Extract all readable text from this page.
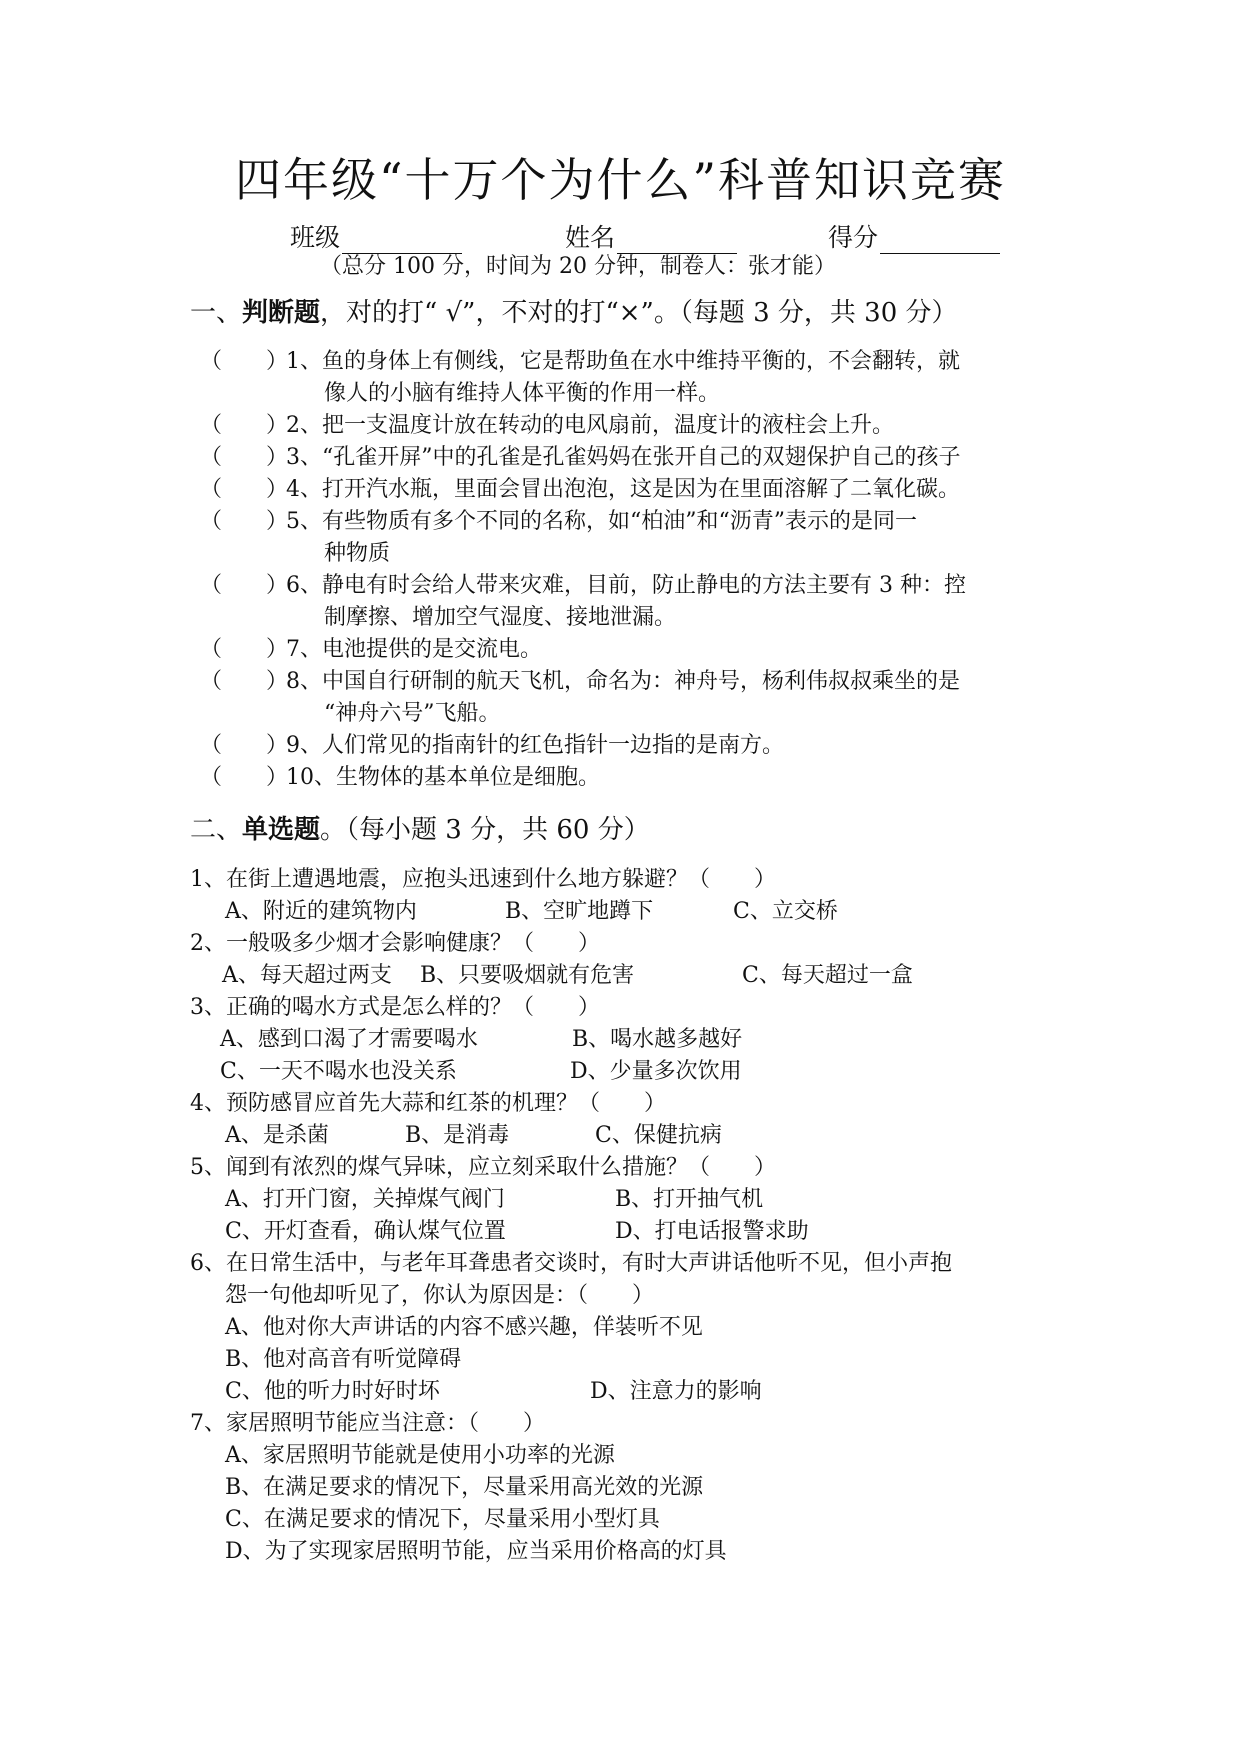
四年级“十万个为什么”科普知识竞赛
班级	姓名	得分
（总分 100 分，时间为 20 分钟，制卷人：张才能）
一、判断题，对的打“ √”，不对的打“×”。（每题 3 分，共 30 分）
（　　）1、鱼的身体上有侧线，它是帮助鱼在水中维持平衡的，不会翻转，就
像人的小脑有维持人体平衡的作用一样。
（　　）2、把一支温度计放在转动的电风扇前，温度计的液柱会上升。
（　　）3、“孔雀开屏”中的孔雀是孔雀妈妈在张开自己的双翅保护自己的孩子
（　　）4、打开汽水瓶，里面会冒出泡泡，这是因为在里面溶解了二氧化碳。
（　　）5、有些物质有多个不同的名称，如“柏油”和“沥青”表示的是同一
种物质
（　　）6、静电有时会给人带来灾难，目前，防止静电的方法主要有 3 种：控
制摩擦、增加空气湿度、接地泄漏。
（　　）7、电池提供的是交流电。
（　　）8、中国自行研制的航天飞机，命名为：神舟号，杨利伟叔叔乘坐的是
“神舟六号”飞船。
（　　）9、人们常见的指南针的红色指针一边指的是南方。
（　　）10、生物体的基本单位是细胞。
二、单选题。（每小题 3 分，共 60 分）
1、在街上遭遇地震，应抱头迅速到什么地方躲避？（　　）
A、附近的建筑物内	B、空旷地蹲下	C、立交桥
2、一般吸多少烟才会影响健康？（　　）
A、每天超过两支 B、只要吸烟就有危害	C、每天超过一盒
3、正确的喝水方式是怎么样的？（　　）
A、感到口渴了才需要喝水	B、喝水越多越好
C、一天不喝水也没关系	D、少量多次饮用
4、预防感冒应首先大蒜和红茶的机理？（　　）
A、是杀菌	B、是消毒	C、保健抗病
5、闻到有浓烈的煤气异味，应立刻采取什么措施？（　　）
A、打开门窗，关掉煤气阀门	B、打开抽气机
C、开灯查看，确认煤气位置	D、打电话报警求助
6、在日常生活中，与老年耳聋患者交谈时，有时大声讲话他听不见，但小声抱
怨一句他却听见了，你认为原因是：（　　）
A、他对你大声讲话的内容不感兴趣，佯装听不见
B、他对高音有听觉障碍
C、他的听力时好时坏	D、注意力的影响
7、家居照明节能应当注意：（　　）
A、家居照明节能就是使用小功率的光源
B、在满足要求的情况下，尽量采用高光效的光源
C、在满足要求的情况下，尽量采用小型灯具
D、为了实现家居照明节能，应当采用价格高的灯具
